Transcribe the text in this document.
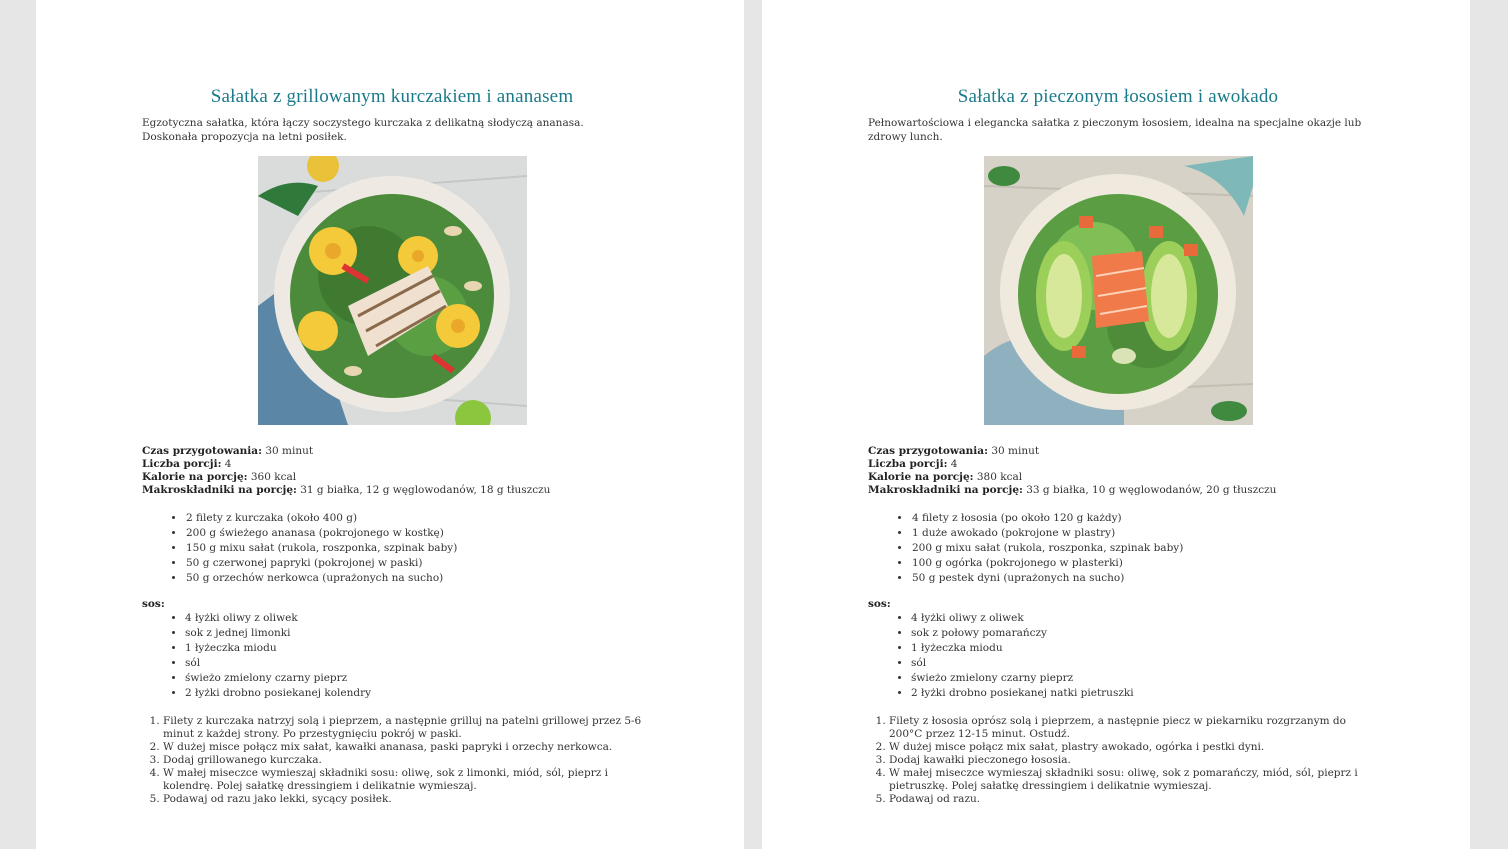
Sałatka z grillowanym kurczakiem i ananasem

Egzotyczna sałatka, która łączy soczystego kurczaka z delikatną słodyczą ananasa. Doskonała propozycja na letni posiłek.

Czas przygotowania: 30 minut
Liczba porcji: 4
Kalorie na porcję: 360 kcal
Makroskładniki na porcję: 31 g białka, 12 g węglowodanów, 18 g tłuszczu
• 2 filety z kurczaka (około 400 g)
• 200 g świeżego ananasa (pokrojonego w kostkę)
• 150 g mixu sałat (rukola, roszponka, szpinak baby)
• 50 g czerwonej papryki (pokrojonej w paski)
• 50 g orzechów nerkowca (uprażonych na sucho)
sos:
• 4 łyżki oliwy z oliwek
• sok z jednej limonki
• 1 łyżeczka miodu
• sól
• świeżo zmielony czarny pieprz
• 2 łyżki drobno posiekanej kolendry
1. Filety z kurczaka natrzyj solą i pieprzem, a następnie grilluj na patelni grillowej przez 5-6 minut z każdej strony. Po przestygnięciu pokrój w paski.
2. W dużej misce połącz mix sałat, kawałki ananasa, paski papryki i orzechy nerkowca.
3. Dodaj grillowanego kurczaka.
4. W małej miseczce wymieszaj składniki sosu: oliwę, sok z limonki, miód, sól, pieprz i kolendrę. Polej sałatkę dressingiem i delikatnie wymieszaj.
5. Podawaj od razu jako lekki, sycący posiłek.
Sałatka z pieczonym łososiem i awokado

Pełnowartościowa i elegancka sałatka z pieczonym łososiem, idealna na specjalne okazje lub zdrowy lunch.

Czas przygotowania: 30 minut
Liczba porcji: 4
Kalorie na porcję: 380 kcal
Makroskładniki na porcję: 33 g białka, 10 g węglowodanów, 20 g tłuszczu
• 4 filety z łososia (po około 120 g każdy)
• 1 duże awokado (pokrojone w plastry)
• 200 g mixu sałat (rukola, roszponka, szpinak baby)
• 100 g ogórka (pokrojonego w plasterki)
• 50 g pestek dyni (uprażonych na sucho)
sos:
• 4 łyżki oliwy z oliwek
• sok z połowy pomarańczy
• 1 łyżeczka miodu
• sól
• świeżo zmielony czarny pieprz
• 2 łyżki drobno posiekanej natki pietruszki
1. Filety z łososia oprósz solą i pieprzem, a następnie piecz w piekarniku rozgrzanym do 200°C przez 12-15 minut. Ostudź.
2. W dużej misce połącz mix sałat, plastry awokado, ogórka i pestki dyni.
3. Dodaj kawałki pieczonego łososia.
4. W małej miseczce wymieszaj składniki sosu: oliwę, sok z pomarańczy, miód, sól, pieprz i pietruszkę. Polej sałatkę dressingiem i delikatnie wymieszaj.
5. Podawaj od razu.
